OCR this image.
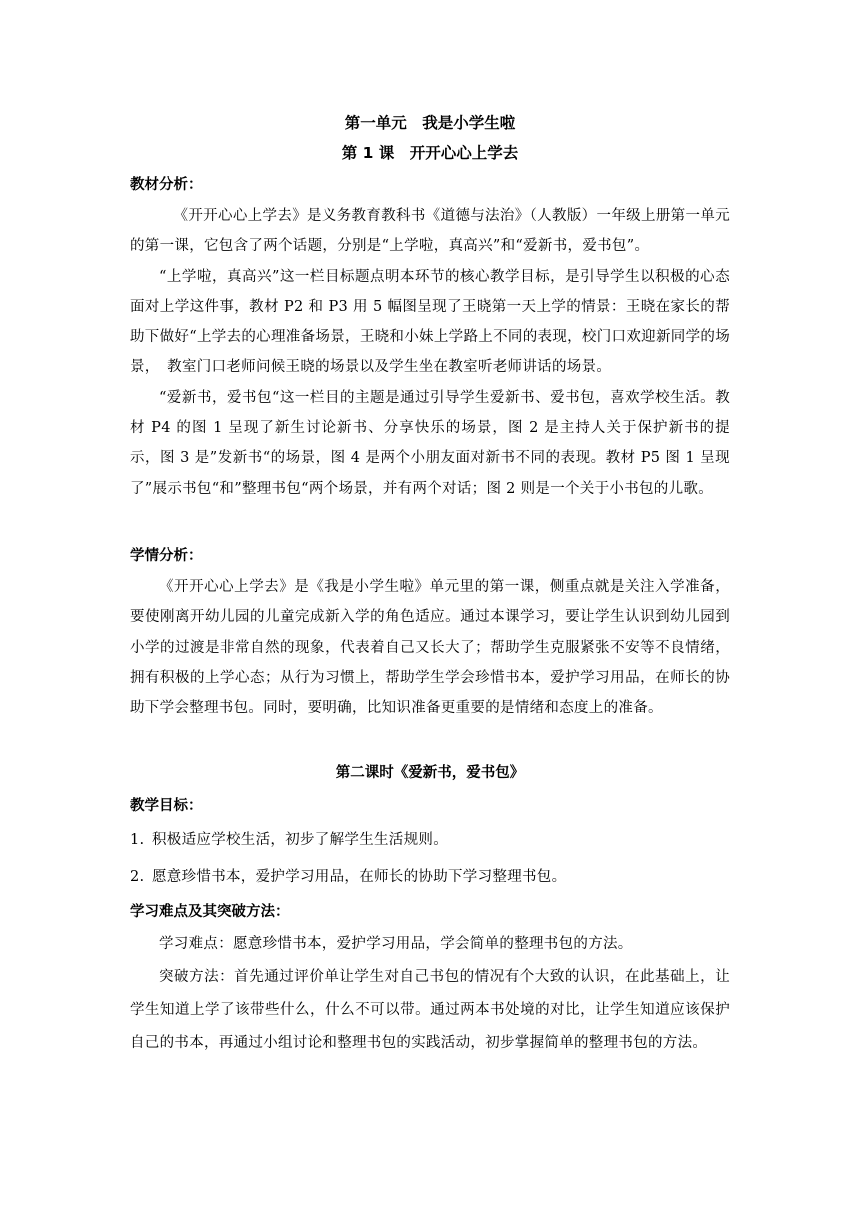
第一单元　我是小学生啦

第 1 课　开开心心上学去

教材分析：

《开开心心上学去》是义务教育教科书《道德与法治》（人教版）一年级上册第一单元的第一课，它包含了两个话题，分别是“上学啦，真高兴”和“爱新书，爱书包”。

“上学啦，真高兴”这一栏目标题点明本环节的核心教学目标，是引导学生以积极的心态面对上学这件事，教材 P2 和 P3 用 5 幅图呈现了王晓第一天上学的情景：王晓在家长的帮助下做好“上学去的心理准备场景，王晓和小妹上学路上不同的表现，校门口欢迎新同学的场景，　教室门口老师问候王晓的场景以及学生坐在教室听老师讲话的场景。

“爱新书，爱书包“这一栏目的主题是通过引导学生爱新书、爱书包，喜欢学校生活。教材 P4 的图 1 呈现了新生讨论新书、分享快乐的场景，图 2 是主持人关于保护新书的提示，图 3 是”发新书“的场景，图 4 是两个小朋友面对新书不同的表现。教材 P5 图 1 呈现了”展示书包“和”整理书包“两个场景，并有两个对话；图 2 则是一个关于小书包的儿歌。

学情分析：

《开开心心上学去》是《我是小学生啦》单元里的第一课，侧重点就是关注入学准备，要使刚离开幼儿园的儿童完成新入学的角色适应。通过本课学习，要让学生认识到幼儿园到小学的过渡是非常自然的现象，代表着自己又长大了；帮助学生克服紧张不安等不良情绪，拥有积极的上学心态；从行为习惯上，帮助学生学会珍惜书本，爱护学习用品，在师长的协助下学会整理书包。同时，要明确，比知识准备更重要的是情绪和态度上的准备。

第二课时《爱新书，爱书包》

教学目标：

1. 积极适应学校生活，初步了解学生生活规则。

2. 愿意珍惜书本，爱护学习用品，在师长的协助下学习整理书包。

学习难点及其突破方法：

学习难点：愿意珍惜书本，爱护学习用品，学会简单的整理书包的方法。

突破方法：首先通过评价单让学生对自己书包的情况有个大致的认识，在此基础上，让学生知道上学了该带些什么，什么不可以带。通过两本书处境的对比，让学生知道应该保护自己的书本，再通过小组讨论和整理书包的实践活动，初步掌握简单的整理书包的方法。
